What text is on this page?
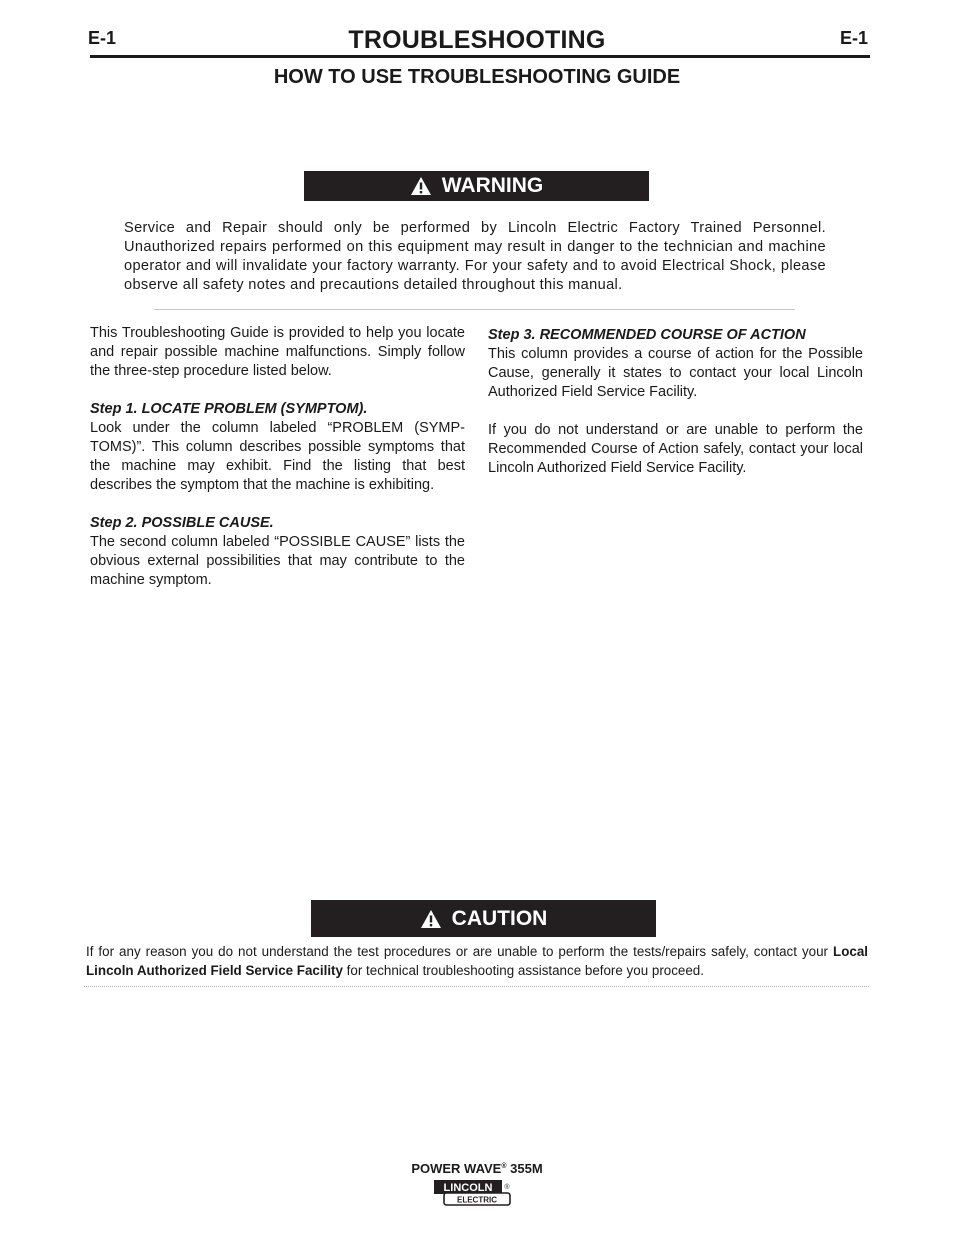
E-1	TROUBLESHOOTING	E-1
HOW TO USE TROUBLESHOOTING GUIDE
WARNING
Service and Repair should only be performed by Lincoln Electric Factory Trained Personnel. Unauthorized repairs performed on this equipment may result in danger to the technician and machine operator and will invalidate your factory warranty. For your safety and to avoid Electrical Shock, please observe all safety notes and precautions detailed throughout this manual.

This Troubleshooting Guide is provided to help you locate and repair possible machine malfunctions. Simply follow the three-step procedure listed below.

Step 1. LOCATE PROBLEM (SYMPTOM).

Look under the column labeled “PROBLEM (SYMP-TOMS)”. This column describes possible symptoms that the machine may exhibit. Find the listing that best describes the symptom that the machine is exhibiting.

Step 2. POSSIBLE CAUSE.

The second column labeled “POSSIBLE CAUSE” lists the obvious external possibilities that may contribute to the machine symptom.

Step 3. RECOMMENDED COURSE OF ACTION

This column provides a course of action for the Possible Cause, generally it states to contact your local Lincoln Authorized Field Service Facility.

If you do not understand or are unable to perform the Recommended Course of Action safely, contact your local Lincoln Authorized Field Service Facility.

CAUTION
If for any reason you do not understand the test procedures or are unable to perform the tests/repairs safely, contact your Local Lincoln Authorized Field Service Facility for technical troubleshooting assistance before you proceed.
POWER WAVE® 355M
LINCOLN
ELECTRIC
®
